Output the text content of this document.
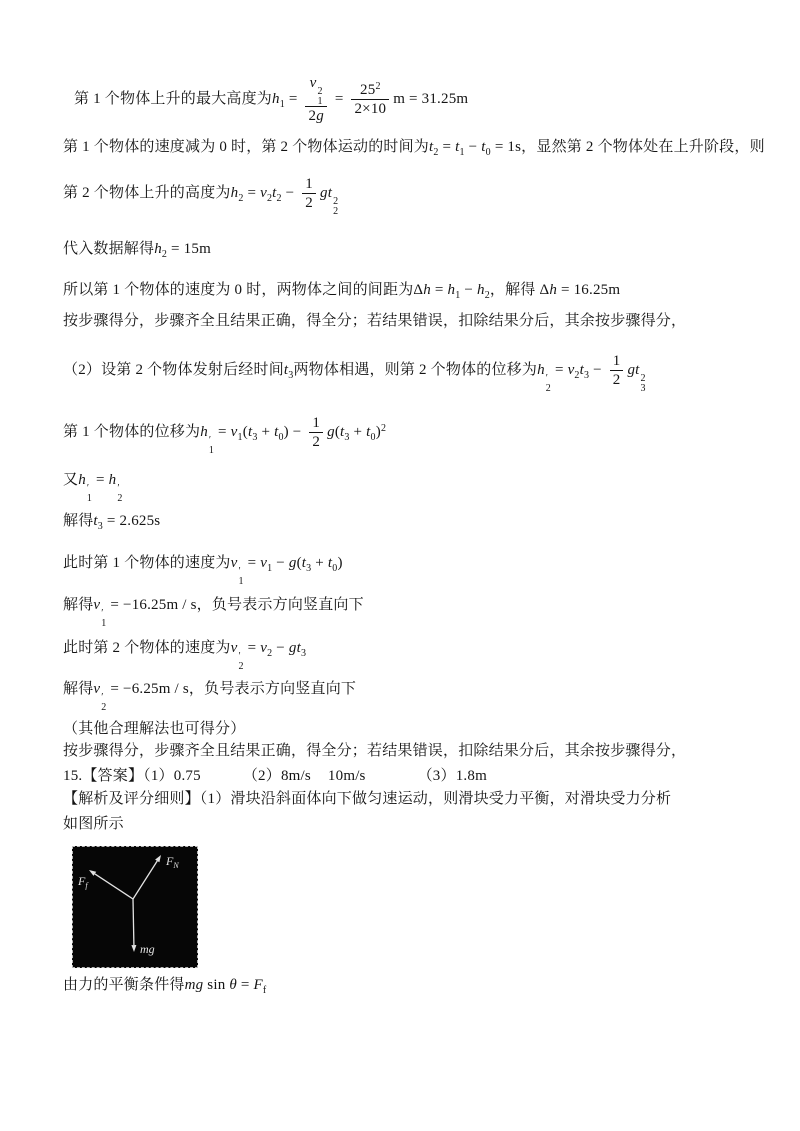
$F_N$
$F_f$
mg
第 1 个物体上升的最大高度为$h_1 = v$
2
1
$2g = \frac{25^2}{2\times 10}$ m = 31.25m
第 1 个物体的速度减为 0 时，第 2 个物体运动的时间为$t_2 = t_1 - t_0 = 1s$，显然第 2 个物体处在上升阶段，则
第 2 个物体上升的高度为$h_2 = v_2t_2 - \frac{1}{2}$ gt
2
2
代入数据解得$h_2 = 15m$
所以第 1 个物体的速度为 0 时，两物体之间的间距为$\Delta h = h_1 - h_2$，解得 Δh = 16.25m
按步骤得分，步骤齐全且结果正确，得全分；若结果错误，扣除结果分后，其余按步骤得分，
（2）设第 2 个物体发射后经时间$t_3$两物体相遇，则第 2 个物体的位移为h
′
2
= $v_2t_3 - \frac{1}{2}$ gt
2
3
第 1 个物体的位移为h
′
1
= $v_1(t_3 + t_0) - \frac{1}{2} g(t_3 + t_0)^2$
又h
′
1
= h
′
2
解得$t_3 = 2.625s$
此时第 1 个物体的速度为v
′
1
= $v_1 - g(t_3 + t_0)$
解得v
′
1
= −16.25m / s，负号表示方向竖直向下
此时第 2 个物体的速度为v
′
2
= $v_2 - gt_3$
解得v
′
2
= −6.25m / s，负号表示方向竖直向下
（其他合理解法也可得分）
按步骤得分，步骤齐全且结果正确，得全分；若结果错误，扣除结果分后，其余按步骤得分，
15.【答案】（1）0.75	（2）8m/s 10m/s	（3）1.8m
【解析及评分细则】（1）滑块沿斜面体向下做匀速运动，则滑块受力平衡，对滑块受力分析
如图所示
由力的平衡条件得mg $\sin \theta = F_f$
